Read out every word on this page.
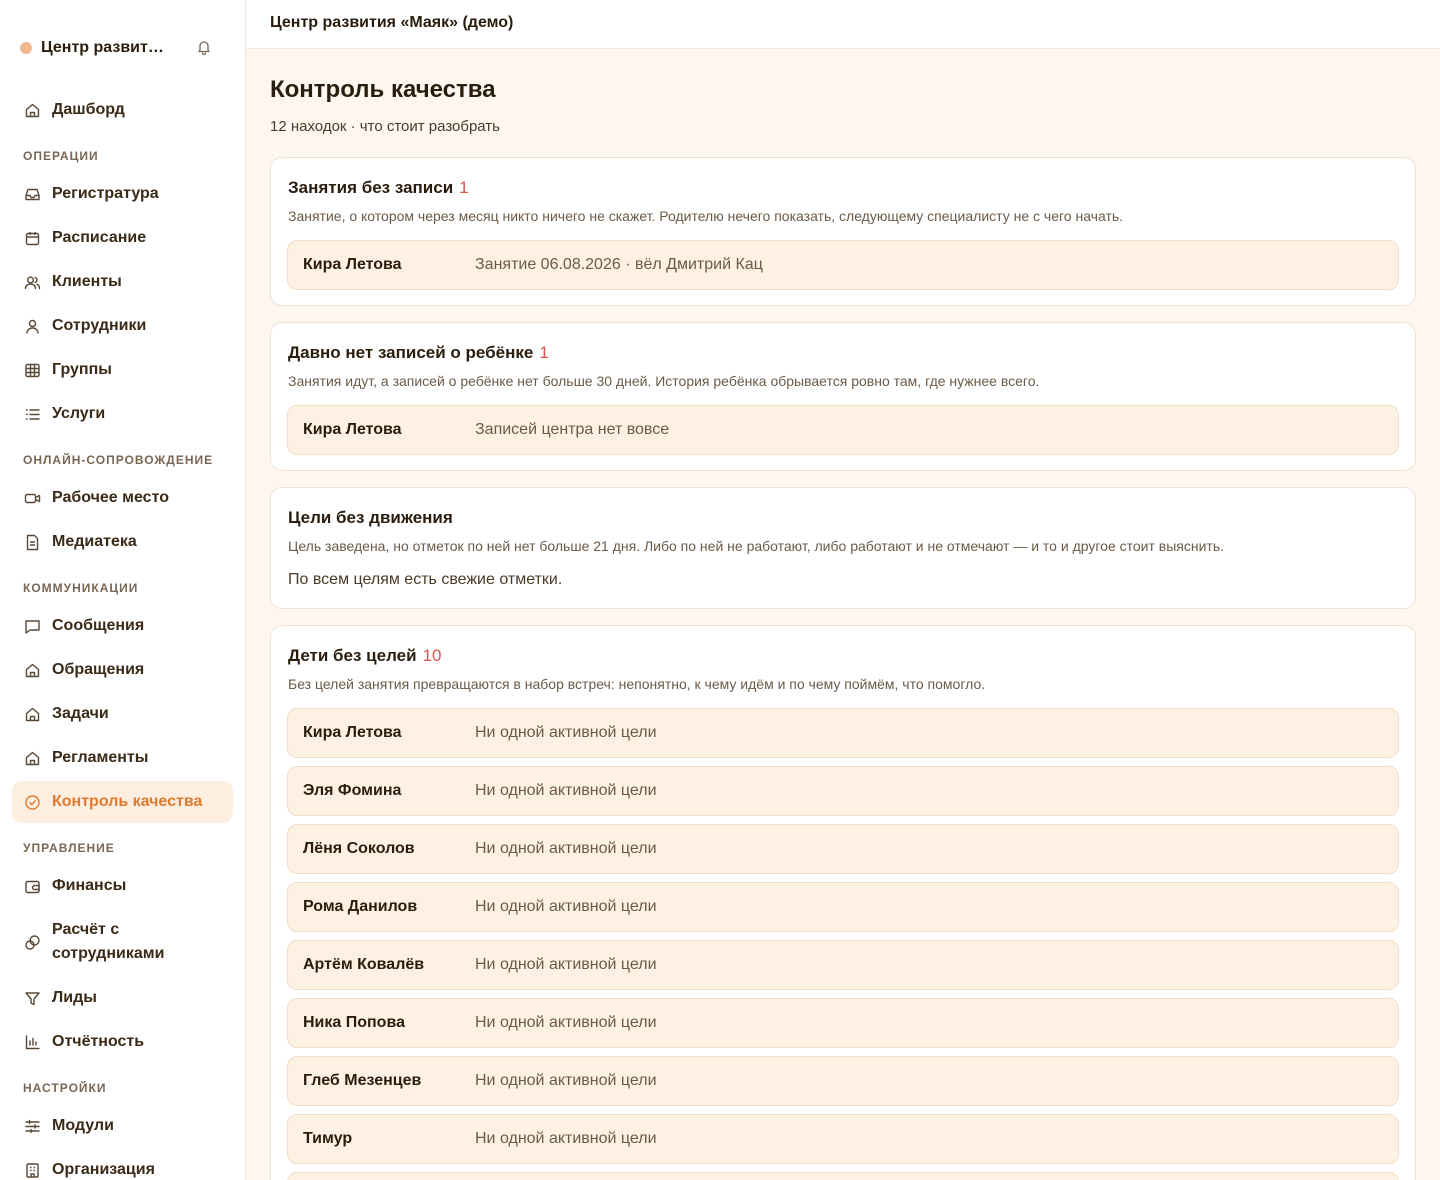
Центр развит…
Дашборд
ОПЕРАЦИИ
Регистратура
Расписание
Клиенты
Сотрудники
Группы
Услуги
ОНЛАЙН-СОПРОВОЖДЕНИЕ
Рабочее место
Медиатека
КОММУНИКАЦИИ
Сообщения
Обращения
Задачи
Регламенты
Контроль качества
УПРАВЛЕНИЕ
Финансы
Расчёт с
сотрудниками
Лиды
Отчётность
НАСТРОЙКИ
Модули
Организация
Центр развития «Маяк» (демо)
Контроль качества
12 находок · что стоит разобрать
Занятия без записи 1
Занятие, о котором через месяц никто ничего не скажет. Родителю нечего показать, следующему специалисту не с чего начать.
Кира Летова	Занятие 06.08.2026 · вёл Дмитрий Кац
Давно нет записей о ребёнке 1
Занятия идут, а записей о ребёнке нет больше 30 дней. История ребёнка обрывается ровно там, где нужнее всего.
Кира Летова	Записей центра нет вовсе
Цели без движения
Цель заведена, но отметок по ней нет больше 21 дня. Либо по ней не работают, либо работают и не отмечают — и то и другое стоит выяснить.
По всем целям есть свежие отметки.
Дети без целей 10
Без целей занятия превращаются в набор встреч: непонятно, к чему идём и по чему поймём, что помогло.
Кира Летова	Ни одной активной цели
Эля Фомина	Ни одной активной цели
Лёня Соколов	Ни одной активной цели
Рома Данилов	Ни одной активной цели
Артём Ковалёв	Ни одной активной цели
Ника Попова	Ни одной активной цели
Глеб Мезенцев	Ни одной активной цели
Тимур	Ни одной активной цели
